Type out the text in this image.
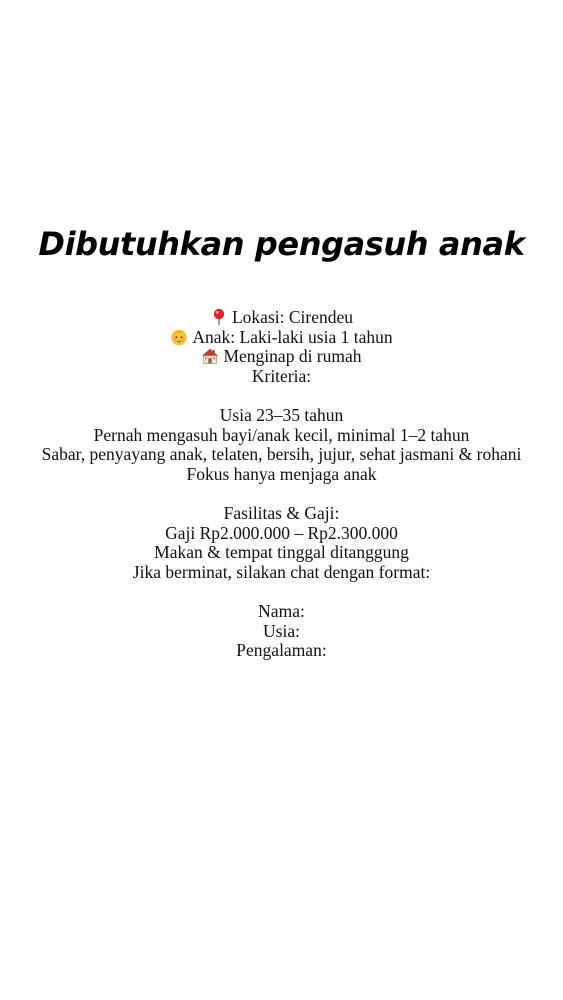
Dibutuhkan pengasuh anak
Lokasi: Cirendeu
Anak: Laki-laki usia 1 tahun
Menginap di rumah
Kriteria:
Usia 23–35 tahun
Pernah mengasuh bayi/anak kecil, minimal 1–2 tahun
Sabar, penyayang anak, telaten, bersih, jujur, sehat jasmani & rohani
Fokus hanya menjaga anak
Fasilitas & Gaji:
Gaji Rp2.000.000 – Rp2.300.000
Makan & tempat tinggal ditanggung
Jika berminat, silakan chat dengan format:
Nama:
Usia:
Pengalaman:
